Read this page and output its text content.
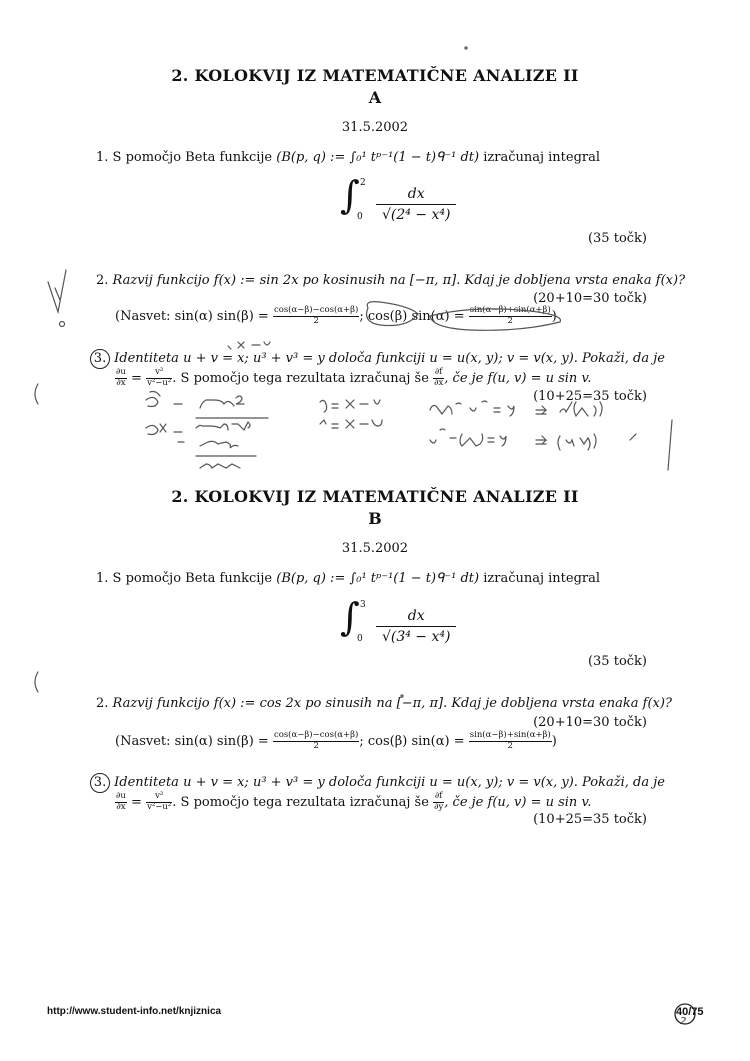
2. KOLOKVIJ IZ MATEMATIČNE ANALIZE II
A
31.5.2002
1. S pomočjo Beta funkcije (B(p, q) := ∫₀¹ tᵖ⁻¹(1 − t)ᑫ⁻¹ dt) izračunaj integral
∫ 2
$0 \frac{dx}{\text{√(2⁴ − x⁴)}}$
(35 točk)
2. Razvij funkcijo f(x) := sin 2x po kosinusih na [−π, π]. Kdaj je dobljena vrsta enaka f(x)?
(20+10=30 točk)
(Nasvet: sin(α) $\sin(\beta) = \frac{\cos(\alpha-\beta)-\cos(\alpha+\beta)}{2}$ ; cos(β) $\sin(\alpha) = \frac{\sin(\alpha-\beta)+\sin(\alpha+\beta)}{2}$ )
3. Identiteta u + v = x; u³ + v³ = y določa funkciji u = u(x, y); v = v(x, y). Pokaži, da je
$\frac{\partial u}{\partial x} = \frac{\text{v²}}{\text{v²−u²}}$ . S pomočjo tega rezultata izračunaj še $\frac{\partial f}{\partial x}$ , če je f(u, v) = u sin v.
(10+25=35 točk)
2. KOLOKVIJ IZ MATEMATIČNE ANALIZE II
B
31.5.2002
1. S pomočjo Beta funkcije (B(p, q) := ∫₀¹ tᵖ⁻¹(1 − t)ᑫ⁻¹ dt) izračunaj integral
∫ 3
$0 \frac{dx}{\text{√(3⁴ − x⁴)}}$
(35 točk)
2. Razvij funkcijo f(x) := cos 2x po sinusih na [−π, π]. Kdaj je dobljena vrsta enaka f(x)?
(20+10=30 točk)
(Nasvet: sin(α) $\sin(\beta) = \frac{\cos(\alpha-\beta)-\cos(\alpha+\beta)}{2}$ ; cos(β) $\sin(\alpha) = \frac{\sin(\alpha-\beta)+\sin(\alpha+\beta)}{2}$ )
3. Identiteta u + v = x; u³ + v³ = y določa funkciji u = u(x, y); v = v(x, y). Pokaži, da je
$\frac{\partial u}{\partial x} = \frac{\text{v²}}{\text{v²−u²}}$ . S pomočjo tega rezultata izračunaj še $\frac{\partial f}{\partial y}$ , če je f(u, v) = u sin v.
(10+25=35 točk)
http://www.student-info.net/knjiznica	40/75
2
